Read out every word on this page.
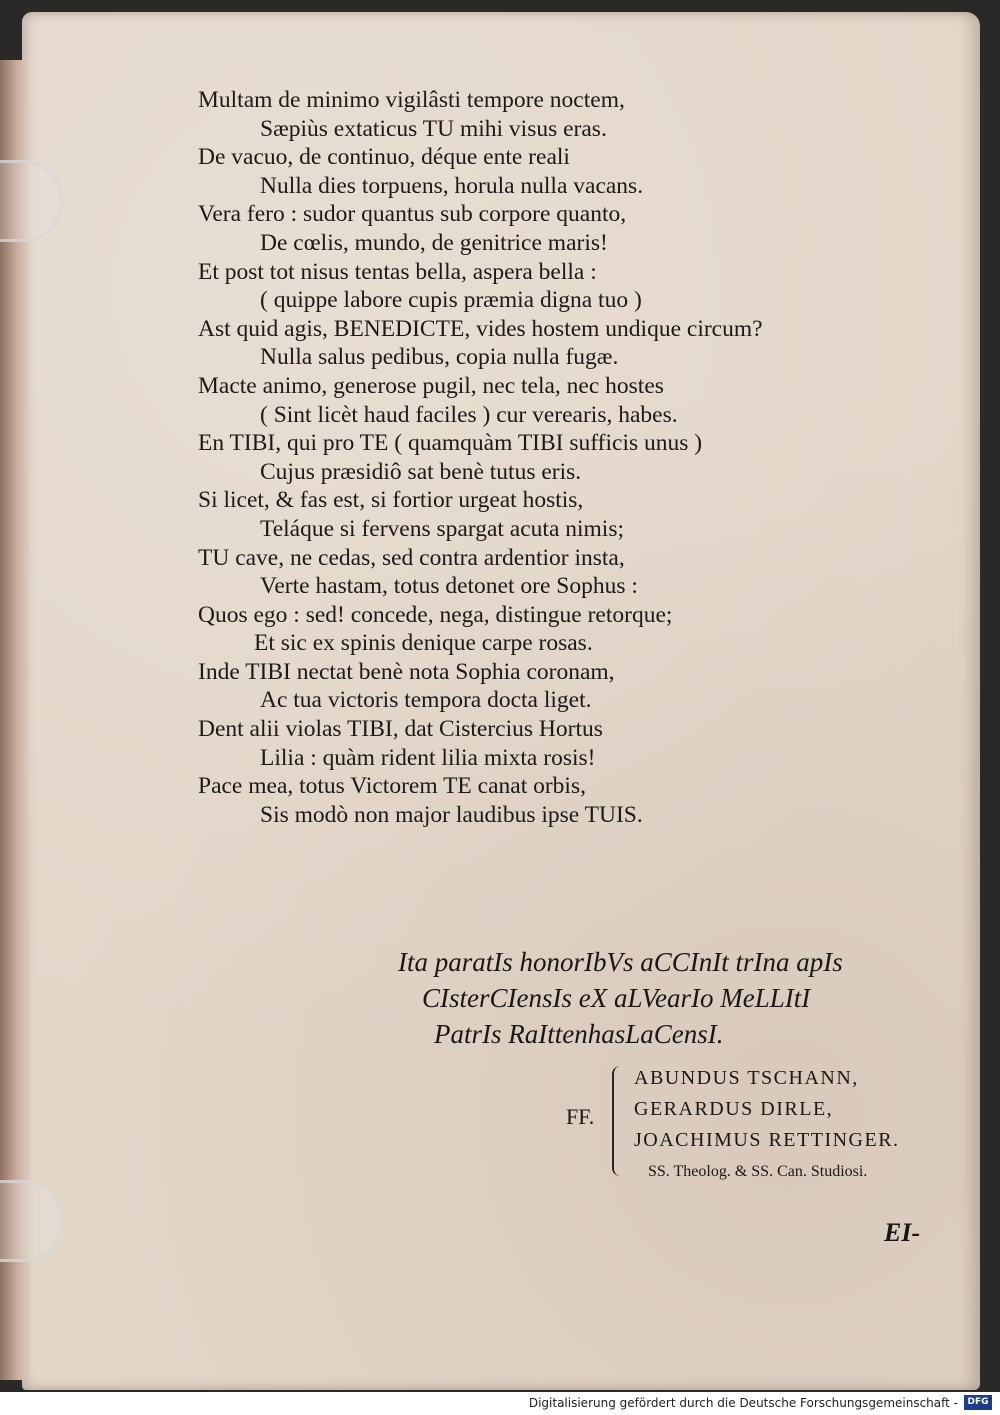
Multam de minimo vigilâsti tempore noctem,
Sæpiùs extaticus TU mihi visus eras.
De vacuo, de continuo, déque ente reali
Nulla dies torpuens, horula nulla vacans.
Vera fero : sudor quantus sub corpore quanto,
De cœlis, mundo, de genitrice maris!
Et post tot nisus tentas bella, aspera bella :
( quippe labore cupis præmia digna tuo )
Ast quid agis, BENEDICTE, vides hostem undique circum?
Nulla salus pedibus, copia nulla fugæ.
Macte animo, generose pugil, nec tela, nec hostes
( Sint licèt haud faciles ) cur verearis, habes.
En TIBI, qui pro TE ( quamquàm TIBI sufficis unus )
Cujus præsidiô sat benè tutus eris.
Si licet, & fas est, si fortior urgeat hostis,
Teláque si fervens spargat acuta nimis;
TU cave, ne cedas, sed contra ardentior insta,
Verte hastam, totus detonet ore Sophus :
Quos ego : sed! concede, nega, distingue retorque;
Et sic ex spinis denique carpe rosas.
Inde TIBI nectat benè nota Sophia coronam,
Ac tua victoris tempora docta liget.
Dent alii violas TIBI, dat Cistercius Hortus
Lilia : quàm rident lilia mixta rosis!
Pace mea, totus Victorem TE canat orbis,
Sis modò non major laudibus ipse TUIS.
Ita paratIs honorIbVs aCCInIt trIna apIs
CIsterCIensIs eX aLVearIo MeLLItI
PatrIs RaIttenhasLaCensI.
FF.
ABUNDUS TSCHANN,
GERARDUS DIRLE,
JOACHIMUS RETTINGER.
SS. Theolog. & SS. Can. Studiosi.
EI-
Digitalisierung gefördert durch die Deutsche Forschungsgemeinschaft -	DFG
